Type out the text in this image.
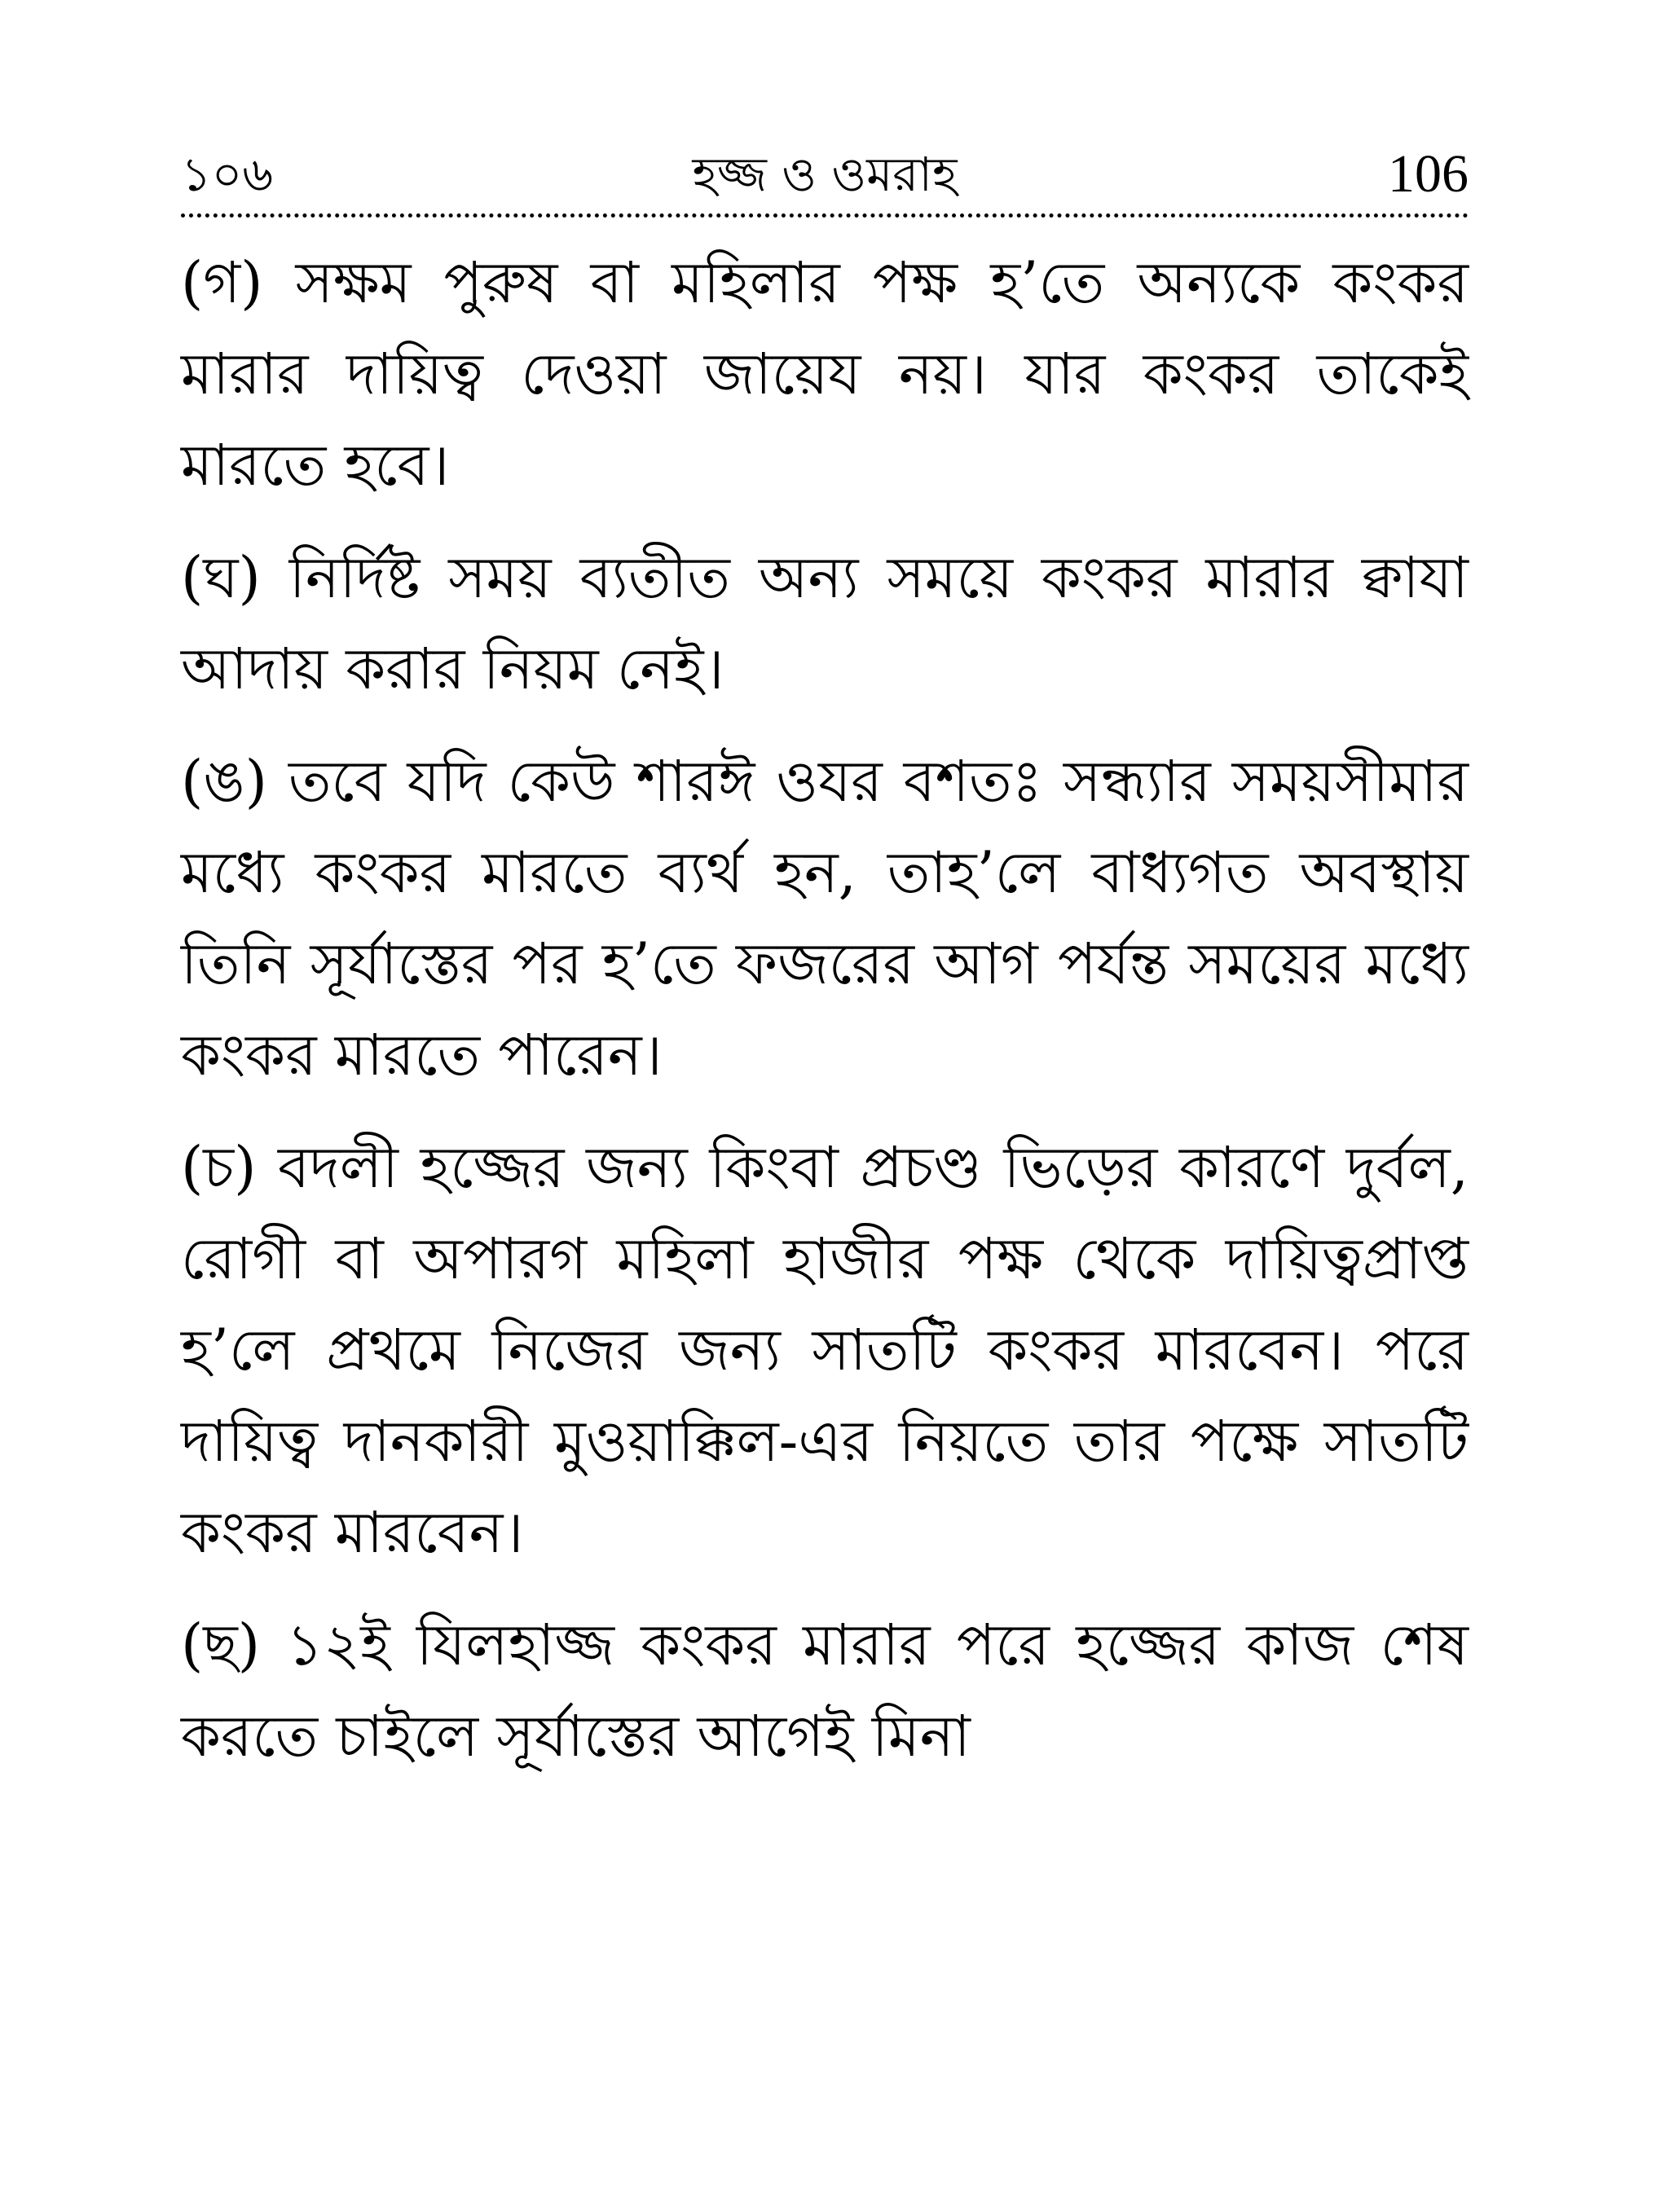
১০৬	হজ্জ ও ওমরাহ	106

(গ) সক্ষম পুরুষ বা মহিলার পক্ষ হ’তে অন্যকে কংকর মারার দায়িত্ব দেওয়া জায়েয নয়। যার কংকর তাকেই মারতে হবে।

(ঘ) নির্দিষ্ট সময় ব্যতীত অন্য সময়ে কংকর মারার ক্বাযা আদায় করার নিয়ম নেই।

(ঙ) তবে যদি কেউ শারঈ ওযর বশতঃ সন্ধ্যার সময়সীমার মধ্যে কংকর মারতে ব্যর্থ হন, তাহ’লে বাধ্যগত অবস্থায় তিনি সূর্যাস্তের পর হ’তে ফজরের আগ পর্যন্ত সময়ের মধ্যে কংকর মারতে পারেন।

(চ) বদলী হজ্জের জন্য কিংবা প্রচণ্ড ভিড়ের কারণে দুর্বল, রোগী বা অপারগ মহিলা হাজীর পক্ষ থেকে দায়িত্বপ্রাপ্ত হ’লে প্রথমে নিজের জন্য সাতটি কংকর মারবেন। পরে দায়িত্ব দানকারী মুওয়াক্কিল-এর নিয়তে তার পক্ষে সাতটি কংকর মারবেন।

(ছ) ১২ই যিলহাজ্জ কংকর মারার পরে হজ্জের কাজ শেষ করতে চাইলে সূর্যাস্তের আগেই মিনা
